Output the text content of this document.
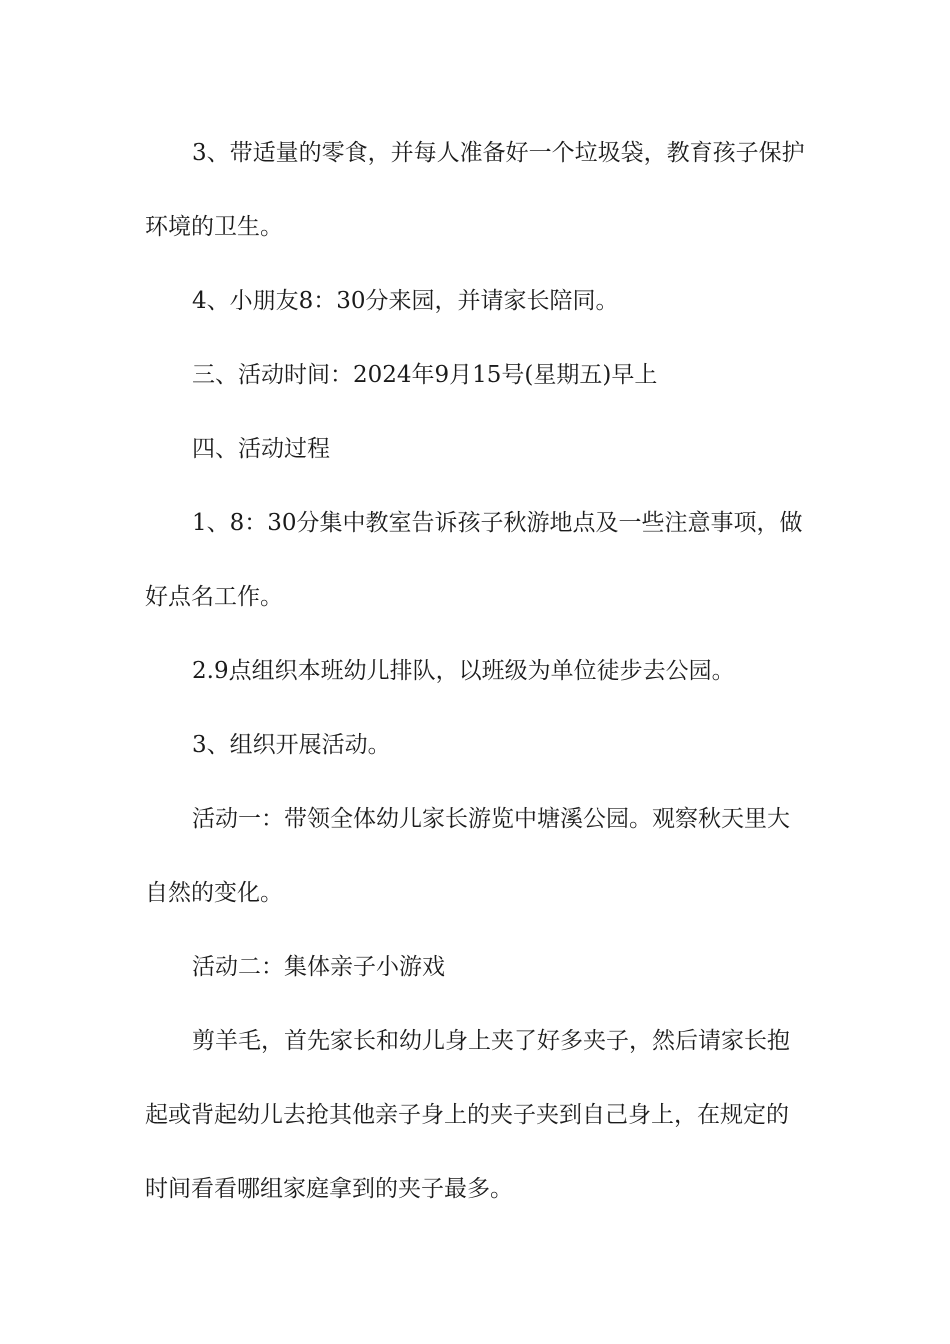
3、带适量的零食，并每人准备好一个垃圾袋，教育孩子保护环境的卫生。

4、小朋友8：30分来园，并请家长陪同。

三、活动时间：2024年9月15号(星期五)早上

四、活动过程

1、8：30分集中教室告诉孩子秋游地点及一些注意事项，做好点名工作。

2.9点组织本班幼儿排队，以班级为单位徒步去公园。

3、组织开展活动。

活动一：带领全体幼儿家长游览中塘溪公园。观察秋天里大自然的变化。

活动二：集体亲子小游戏

剪羊毛，首先家长和幼儿身上夹了好多夹子，然后请家长抱起或背起幼儿去抢其他亲子身上的夹子夹到自己身上，在规定的时间看看哪组家庭拿到的夹子最多。
